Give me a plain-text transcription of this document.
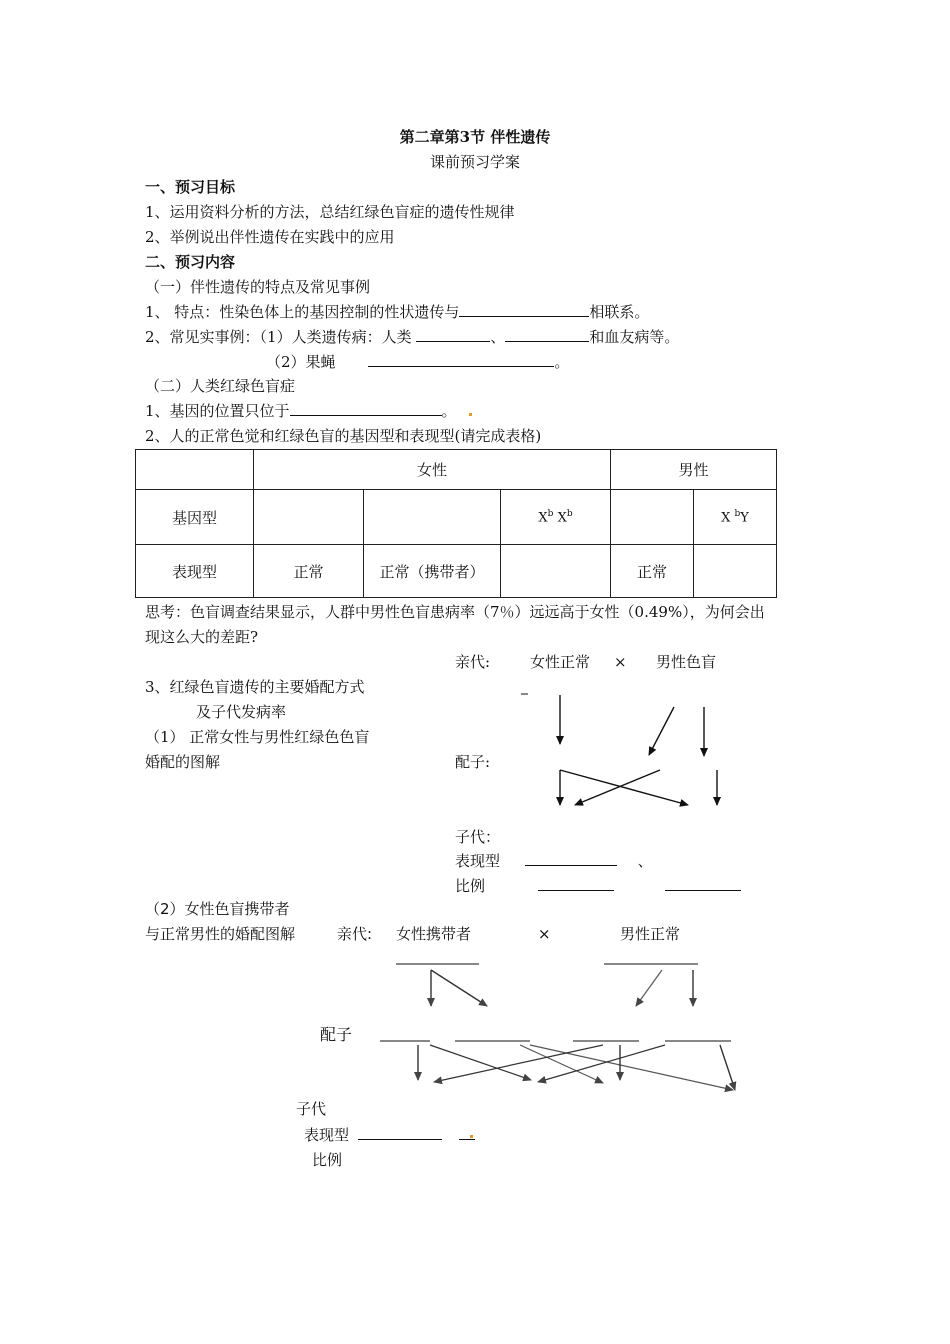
第二章第3节 伴性遗传
课前预习学案
一、预习目标
1、运用资料分析的方法，总结红绿色盲症的遗传性规律
2、举例说出伴性遗传在实践中的应用
二、预习内容
（一）伴性遗传的特点及常见事例
1、 特点：性染色体上的基因控制的性状遗传与	相联系。
2、常见实事例：（1）人类遗传病：人类	、	和血友病等。
（2）果蝇	。
（二）人类红绿色盲症
1、基因的位置只位于	。
2、人的正常色觉和红绿色盲的基因型和表现型(请完成表格)
	女性			男性	
基因型			$X^b$ $X^b$		X $^b$Y
表现型	正常	正常（携带者）		正常	
思考：色盲调查结果显示，人群中男性色盲患病率（7％）远远高于女性（0.49%），为何会出
现这么大的差距?
亲代:	女性正常 × 男性色盲
3、红绿色盲遗传的主要婚配方式
及子代发病率
（1） 正常女性与男性红绿色色盲
婚配的图解	配子:
子代：
表现型	、
比例
（2）女性色盲携带者
与正常男性的婚配图解	亲代: 女性携带者	×	男性正常
配子
子代
表现型
比例
